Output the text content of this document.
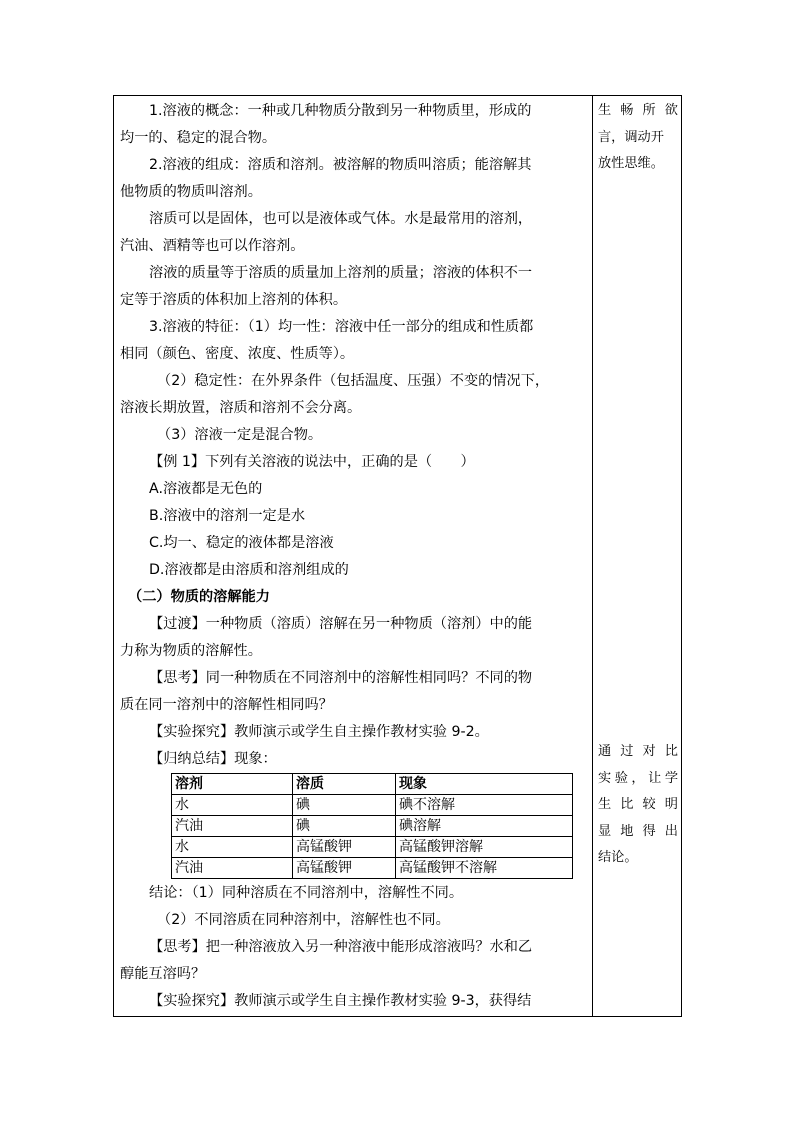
1.溶液的概念：一种或几种物质分散到另一种物质里，形成的
均一的、稳定的混合物。
2.溶液的组成：溶质和溶剂。被溶解的物质叫溶质；能溶解其
他物质的物质叫溶剂。
溶质可以是固体，也可以是液体或气体。水是最常用的溶剂，
汽油、酒精等也可以作溶剂。
溶液的质量等于溶质的质量加上溶剂的质量；溶液的体积不一
定等于溶质的体积加上溶剂的体积。
3.溶液的特征：（1）均一性：溶液中任一部分的组成和性质都
相同（颜色、密度、浓度、性质等）。
（2）稳定性：在外界条件（包括温度、压强）不变的情况下，
溶液长期放置，溶质和溶剂不会分离。
（3）溶液一定是混合物。
【例 1】下列有关溶液的说法中，正确的是（　　）
A.溶液都是无色的
B.溶液中的溶剂一定是水
C.均一、稳定的液体都是溶液
D.溶液都是由溶质和溶剂组成的
（二）物质的溶解能力
【过渡】一种物质（溶质）溶解在另一种物质（溶剂）中的能
力称为物质的溶解性。
【思考】同一种物质在不同溶剂中的溶解性相同吗？不同的物
质在同一溶剂中的溶解性相同吗？
【实验探究】教师演示或学生自主操作教材实验 9-2。
【归纳总结】现象：
溶剂	溶质	现象
水	碘	碘不溶解
汽油	碘	碘溶解
水	高锰酸钾	高锰酸钾溶解
汽油	高锰酸钾	高锰酸钾不溶解
结论：（1）同种溶质在不同溶剂中，溶解性不同。
（2）不同溶质在同种溶剂中，溶解性也不同。
【思考】把一种溶液放入另一种溶液中能形成溶液吗？水和乙
醇能互溶吗？
【实验探究】教师演示或学生自主操作教材实验 9-3，获得结
生 畅 所 欲
言，调动开
放性思维。
通 过 对 比
实 验 ， 让 学
生 比 较 明
显 地 得 出
结论。
